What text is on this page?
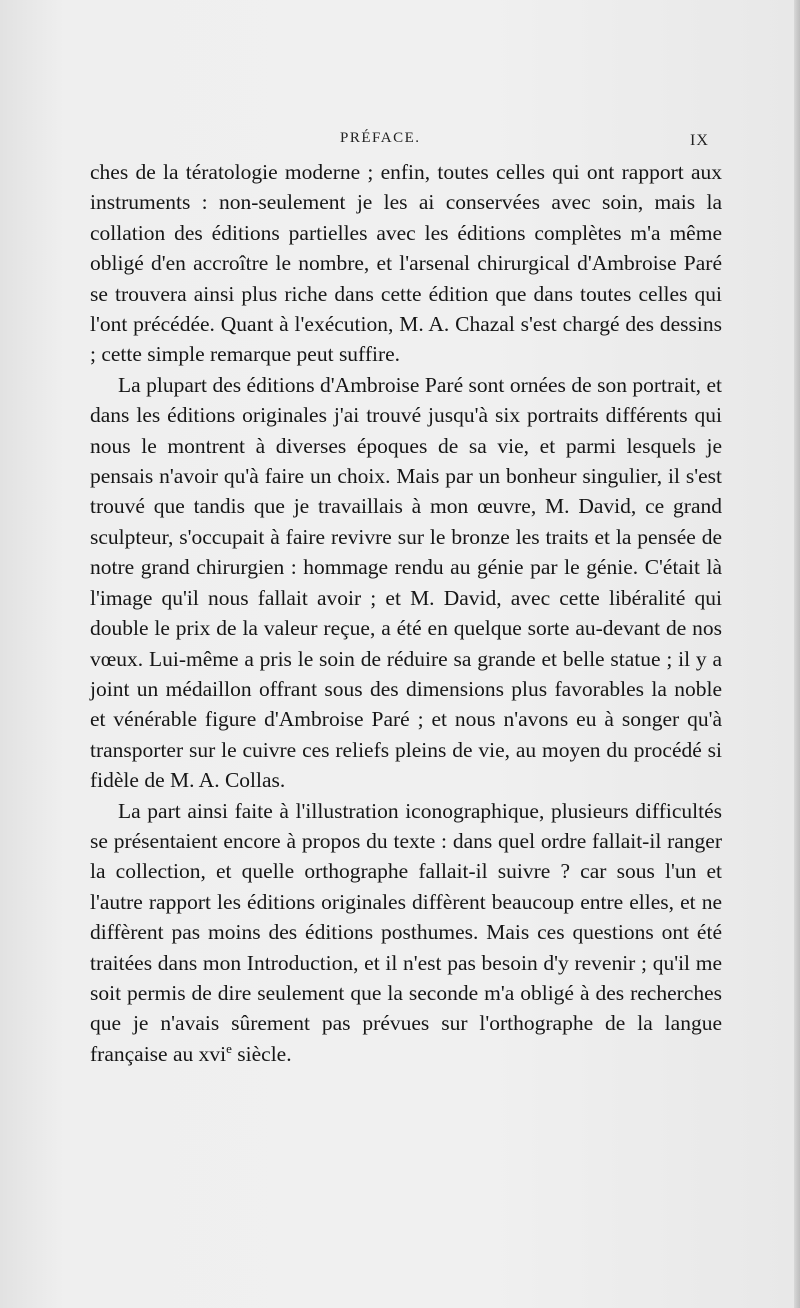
PRÉFACE.	IX

ches de la tératologie moderne ; enfin, toutes celles qui ont rapport aux instruments : non-seulement je les ai conservées avec soin, mais la collation des éditions partielles avec les éditions complètes m'a même obligé d'en accroître le nombre, et l'arsenal chirurgical d'Ambroise Paré se trouvera ainsi plus riche dans cette édition que dans toutes celles qui l'ont précédée. Quant à l'exécution, M. A. Chazal s'est chargé des dessins ; cette simple remarque peut suffire.

La plupart des éditions d'Ambroise Paré sont ornées de son portrait, et dans les éditions originales j'ai trouvé jusqu'à six portraits différents qui nous le montrent à diverses époques de sa vie, et parmi lesquels je pensais n'avoir qu'à faire un choix. Mais par un bonheur singulier, il s'est trouvé que tandis que je travaillais à mon œuvre, M. David, ce grand sculpteur, s'occupait à faire revivre sur le bronze les traits et la pensée de notre grand chirurgien : hommage rendu au génie par le génie. C'était là l'image qu'il nous fallait avoir ; et M. David, avec cette libéralité qui double le prix de la valeur reçue, a été en quelque sorte au-devant de nos vœux. Lui-même a pris le soin de réduire sa grande et belle statue ; il y a joint un médaillon offrant sous des dimensions plus favorables la noble et vénérable figure d'Ambroise Paré ; et nous n'avons eu à songer qu'à transporter sur le cuivre ces reliefs pleins de vie, au moyen du procédé si fidèle de M. A. Collas.

La part ainsi faite à l'illustration iconographique, plusieurs difficultés se présentaient encore à propos du texte : dans quel ordre fallait-il ranger la collection, et quelle orthographe fallait-il suivre ? car sous l'un et l'autre rapport les éditions originales diffèrent beaucoup entre elles, et ne diffèrent pas moins des éditions posthumes. Mais ces questions ont été traitées dans mon Introduction, et il n'est pas besoin d'y revenir ; qu'il me soit permis de dire seulement que la seconde m'a obligé à des recherches que je n'avais sûrement pas prévues sur l'orthographe de la langue française au xvi$^e$ siècle.
